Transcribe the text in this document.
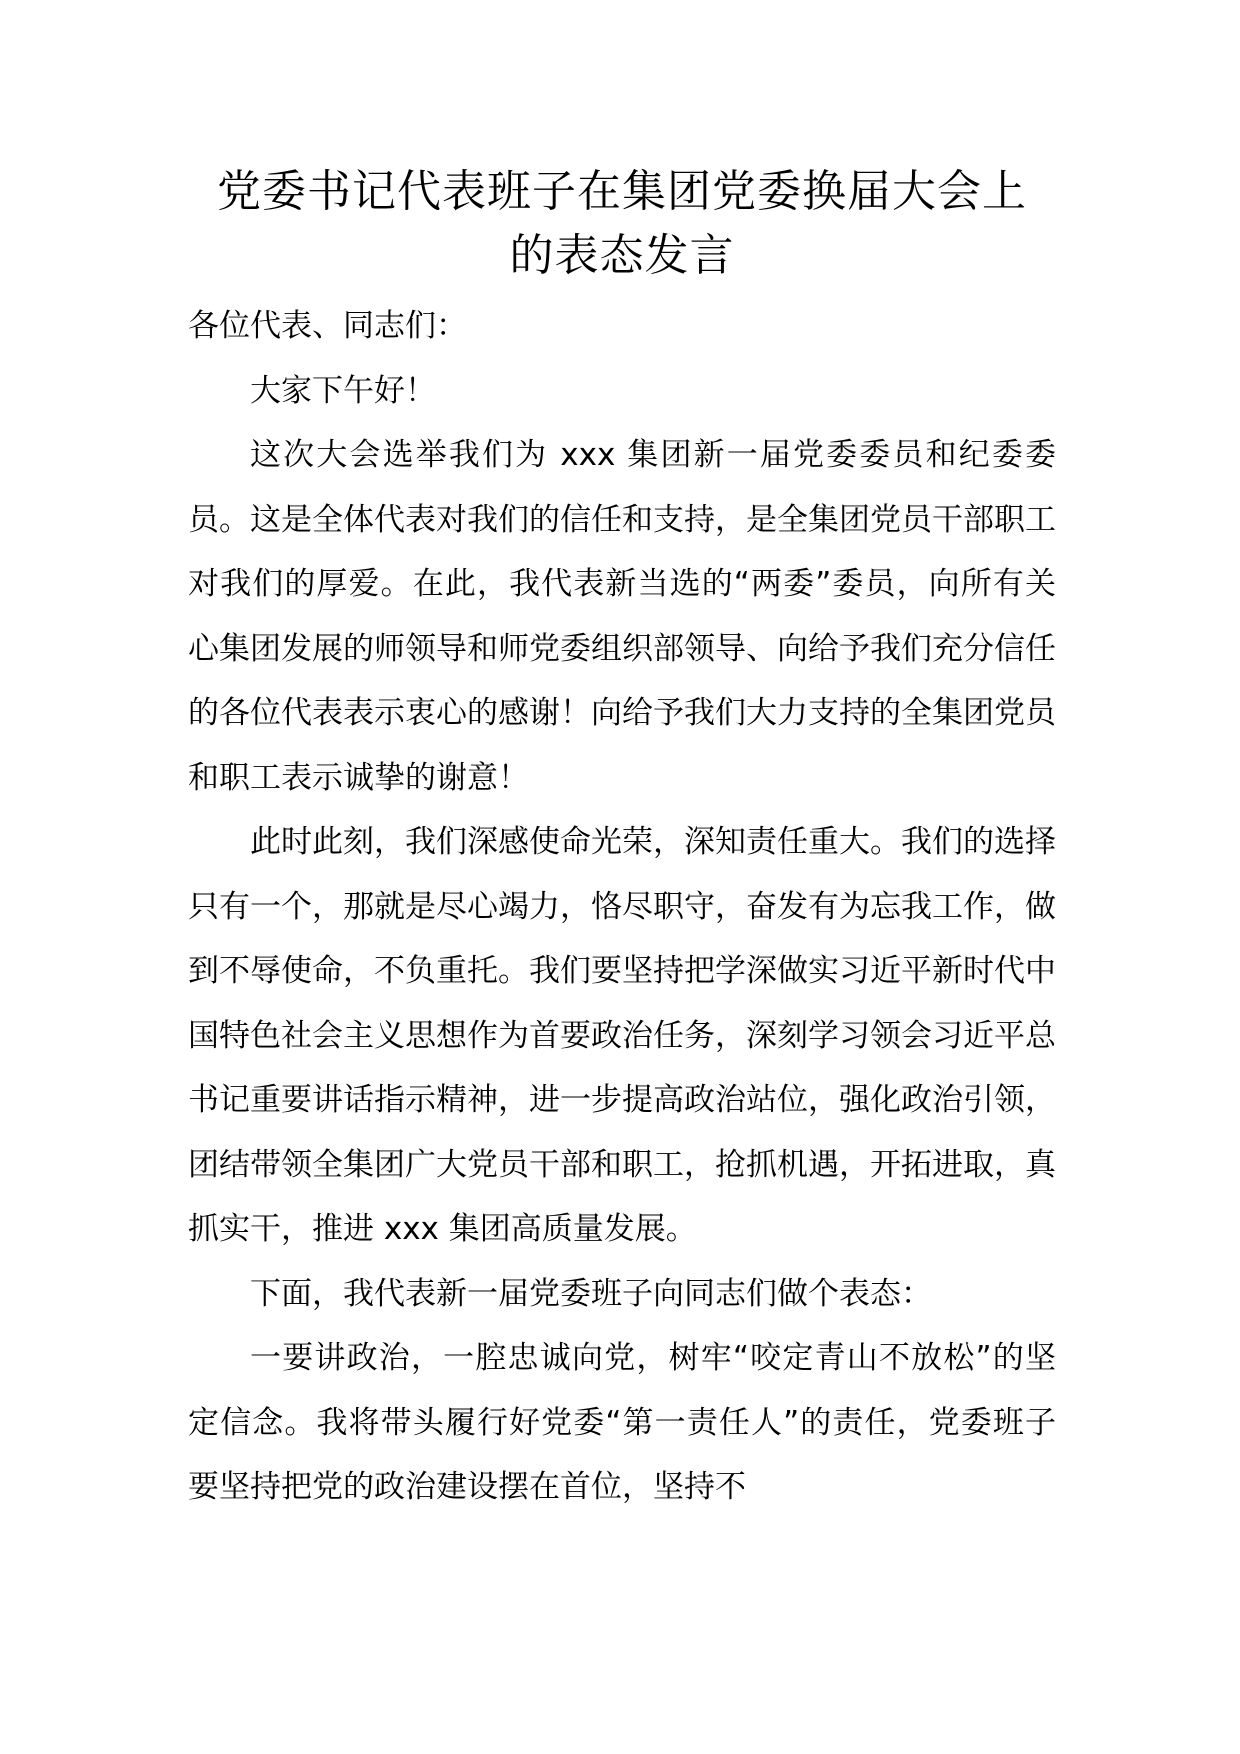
党委书记代表班子在集团党委换届大会上
的表态发言

各位代表、同志们：

大家下午好！

这次大会选举我们为 xxx 集团新一届党委委员和纪委委员。这是全体代表对我们的信任和支持，是全集团党员干部职工对我们的厚爱。在此，我代表新当选的“两委”委员，向所有关心集团发展的师领导和师党委组织部领导、向给予我们充分信任的各位代表表示衷心的感谢！向给予我们大力支持的全集团党员和职工表示诚挚的谢意！

此时此刻，我们深感使命光荣，深知责任重大。我们的选择只有一个，那就是尽心竭力，恪尽职守，奋发有为忘我工作，做到不辱使命，不负重托。我们要坚持把学深做实习近平新时代中国特色社会主义思想作为首要政治任务，深刻学习领会习近平总书记重要讲话指示精神，进一步提高政治站位，强化政治引领，团结带领全集团广大党员干部和职工，抢抓机遇，开拓进取，真抓实干，推进 xxx 集团高质量发展。

下面，我代表新一届党委班子向同志们做个表态：

一要讲政治，一腔忠诚向党，树牢“咬定青山不放松”的坚定信念。我将带头履行好党委“第一责任人”的责任，党委班子要坚持把党的政治建设摆在首位，坚持不
